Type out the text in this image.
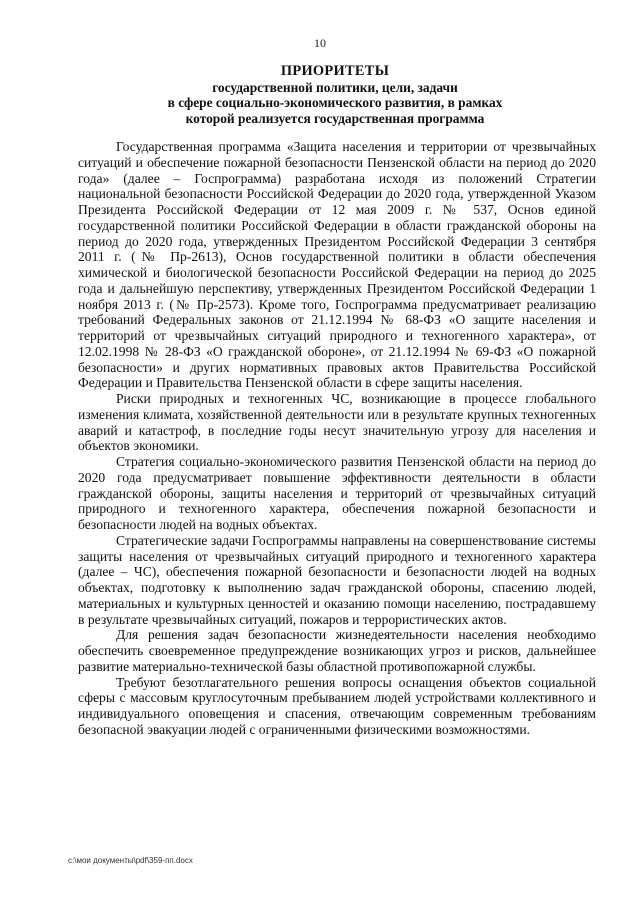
10
ПРИОРИТЕТЫ
государственной политики, цели, задачи
в сфере социально-экономического развития, в рамках
которой реализуется государственная программа

Государственная программа «Защита населения и территории от чрезвычайных ситуаций и обеспечение пожарной безопасности Пензенской области на период до 2020 года» (далее – Госпрограмма) разработана исходя из положений Стратегии национальной безопасности Российской Федерации до 2020 года, утвержденной Указом Президента Российской Федерации от 12 мая 2009 г. № 537, Основ единой государственной политики Российской Федерации в области гражданской обороны на период до 2020 года, утвержденных Президентом Российской Федерации 3 сентября 2011 г. (№ Пр-2613), Основ государственной политики в области обеспечения химической и биологической безопасности Российской Федерации на период до 2025 года и дальнейшую перспективу, утвержденных Президентом Российской Федерации 1 ноября 2013 г. (№ Пр-2573). Кроме того, Госпрограмма предусматривает реализацию требований Федеральных законов от 21.12.1994 № 68-ФЗ «О защите населения и территорий от чрезвычайных ситуаций природного и техногенного характера», от 12.02.1998 № 28-ФЗ «О гражданской обороне», от 21.12.1994 № 69-ФЗ «О пожарной безопасности» и других нормативных правовых актов Правительства Российской Федерации и Правительства Пензенской области в сфере защиты населения.

Риски природных и техногенных ЧС, возникающие в процессе глобального изменения климата, хозяйственной деятельности или в результате крупных техногенных аварий и катастроф, в последние годы несут значительную угрозу для населения и объектов экономики.

Стратегия социально-экономического развития Пензенской области на период до 2020 года предусматривает повышение эффективности деятельности в области гражданской обороны, защиты населения и территорий от чрезвычайных ситуаций природного и техногенного характера, обеспечения пожарной безопасности и безопасности людей на водных объектах.

Стратегические задачи Госпрограммы направлены на совершенствование системы защиты населения от чрезвычайных ситуаций природного и техногенного характера (далее – ЧС), обеспечения пожарной безопасности и безопасности людей на водных объектах, подготовку к выполнению задач гражданской обороны, спасению людей, материальных и культурных ценностей и оказанию помощи населению, пострадавшему в результате чрезвычайных ситуаций, пожаров и террористических актов.

Для решения задач безопасности жизнедеятельности населения необходимо обеспечить своевременное предупреждение возникающих угроз и рисков, дальнейшее развитие материально-технической базы областной противопожарной службы.

Требуют безотлагательного решения вопросы оснащения объектов социальной сферы с массовым круглосуточным пребыванием людей устройствами коллективного и индивидуального оповещения и спасения, отвечающим современным требованиям безопасной эвакуации людей с ограниченными физическими возможностями.

c:\мои документы\pdf\359-пп.docx
